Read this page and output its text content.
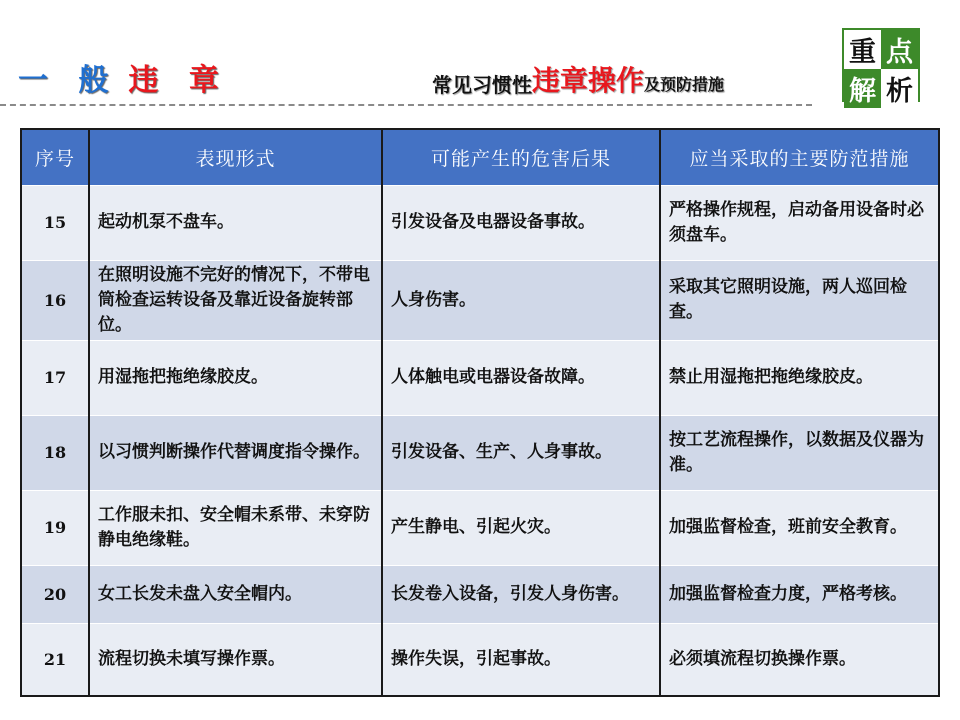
一 般 违 章	常见习惯性 违章操作 及预防措施
重 点
解 析
序号	表现形式	可能产生的危害后果	应当采取的主要防范措施
15	起动机泵不盘车。	引发设备及电器设备事故。	严格操作规程，启动备用设备时必须盘车。
16	在照明设施不完好的情况下，不带电筒检查运转设备及靠近设备旋转部位。	人身伤害。	采取其它照明设施，两人巡回检查。
17	用湿拖把拖绝缘胶皮。	人体触电或电器设备故障。	禁止用湿拖把拖绝缘胶皮。
18	以习惯判断操作代替调度指令操作。	引发设备、生产、人身事故。	按工艺流程操作，以数据及仪器为准。
19	工作服未扣、安全帽未系带、未穿防静电绝缘鞋。	产生静电、引起火灾。	加强监督检查，班前安全教育。
20	女工长发未盘入安全帽内。	长发卷入设备，引发人身伤害。	加强监督检查力度，严格考核。
21	流程切换未填写操作票。	操作失误，引起事故。	必须填流程切换操作票。
